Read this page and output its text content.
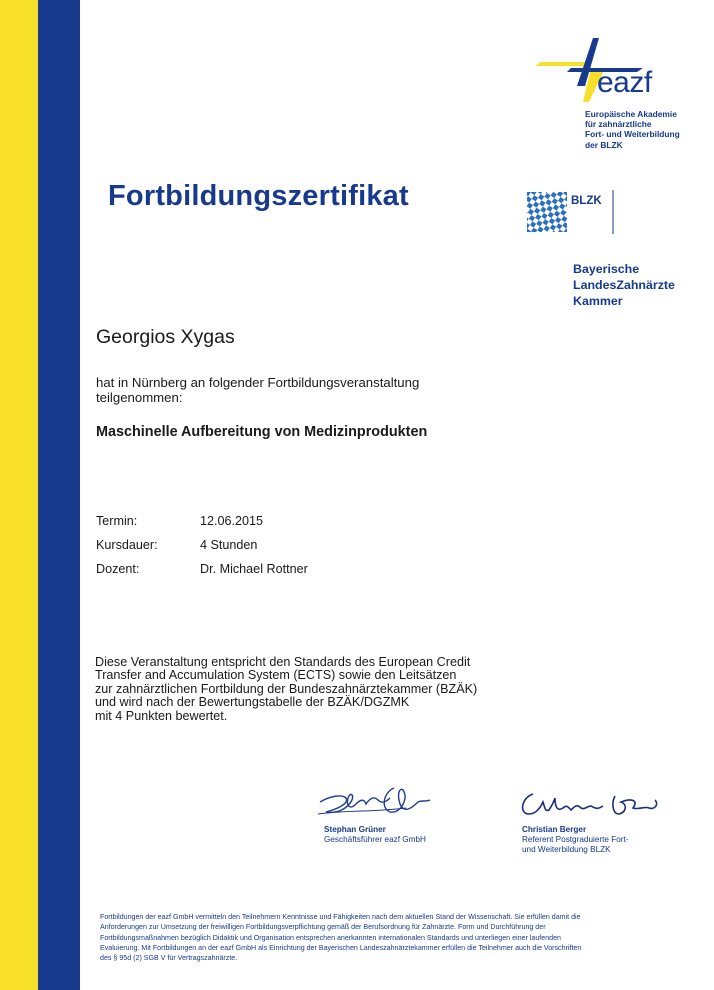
eazf
Europäische Akademie
für zahnärztliche
Fort- und Weiterbildung
der BLZK
BLZK
Bayerische
LandesZahnärzte
Kammer
Fortbildungszertifikat
Georgios Xygas
hat in Nürnberg an folgender Fortbildungsveranstaltung
teilgenommen:
Maschinelle Aufbereitung von Medizinprodukten
Termin:	12.06.2015
Kursdauer:	4 Stunden
Dozent:	Dr. Michael Rottner
Diese Veranstaltung entspricht den Standards des European Credit
Transfer and Accumulation System (ECTS) sowie den Leitsätzen
zur zahnärztlichen Fortbildung der Bundeszahnärztekammer (BZÄK)
und wird nach der Bewertungstabelle der BZÄK/DGZMK
mit 4 Punkten bewertet.
Stephan Grüner
Geschäftsführer eazf GmbH
Christian Berger
Referent Postgraduierte Fort-
und Weiterbildung BLZK
Fortbildungen der eazf GmbH vermitteln den Teilnehmern Kenntnisse und Fähigkeiten nach dem aktuellen Stand der Wissenschaft. Sie erfüllen damit die
Anforderungen zur Umsetzung der freiwilligen Fortbildungsverpflichtung gemäß der Berufsordnung für Zahnärzte. Form und Durchführung der
Fortbildungsmaßnahmen bezüglich Didaktik und Organisation entsprechen anerkannten internationalen Standards und unterliegen einer laufenden
Evaluierung. Mit Fortbildungen an der eazf GmbH als Einrichtung der Bayerischen Landeszahnärztekammer erfüllen die Teilnehmer auch die Vorschriften
des § 95d (2) SGB V für Vertragszahnärzte.
